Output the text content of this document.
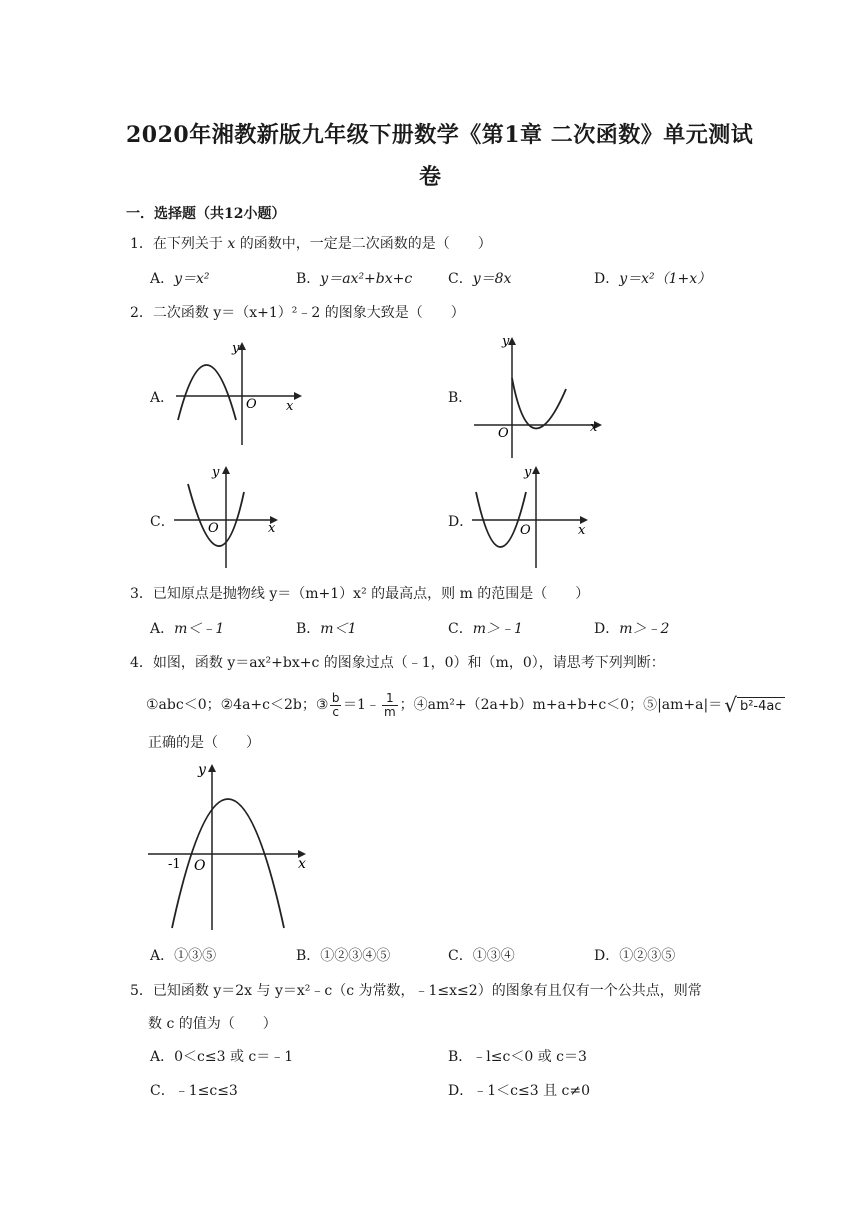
2020年湘教新版九年级下册数学《第1章 二次函数》单元测试
卷
一．选择题（共12小题）
1．在下列关于 x 的函数中，一定是二次函数的是（　　）
A．y＝x²	B．y＝ax²+bx+c	C．y＝8x	D．y＝x²（1+x）
2．二次函数 y＝（x+1）²﹣2 的图象大致是（　　）
A．
y
x
O	B．
y
x
O
C．
y
x
O	D．
y
x
O
3．已知原点是抛物线 y＝（m+1）x² 的最高点，则 m 的范围是（　　）
A．m＜﹣1	B．m＜1	C．m＞﹣1	D．m＞﹣2
4．如图，函数 y＝ax²+bx+c 的图象过点（﹣1，0）和（m，0），请思考下列判断：
①abc＜0；②4a+c＜2b；③ b
c ＝1﹣ 1
m ；④am²+（2a+b）m+a+b+c＜0；⑤|am+a|＝ √ b²-4ac
正确的是（　　）
y
x
-1 O
A．①③⑤	B．①②③④⑤	C．①③④	D．①②③⑤
5．已知函数 y＝2x 与 y＝x²﹣c（c 为常数，﹣1≤x≤2）的图象有且仅有一个公共点，则常
数 c 的值为（　　）
A．0＜c≤3 或 c＝﹣1	B．﹣l≤c＜0 或 c＝3
C．﹣1≤c≤3	D．﹣1＜c≤3 且 c≠0
